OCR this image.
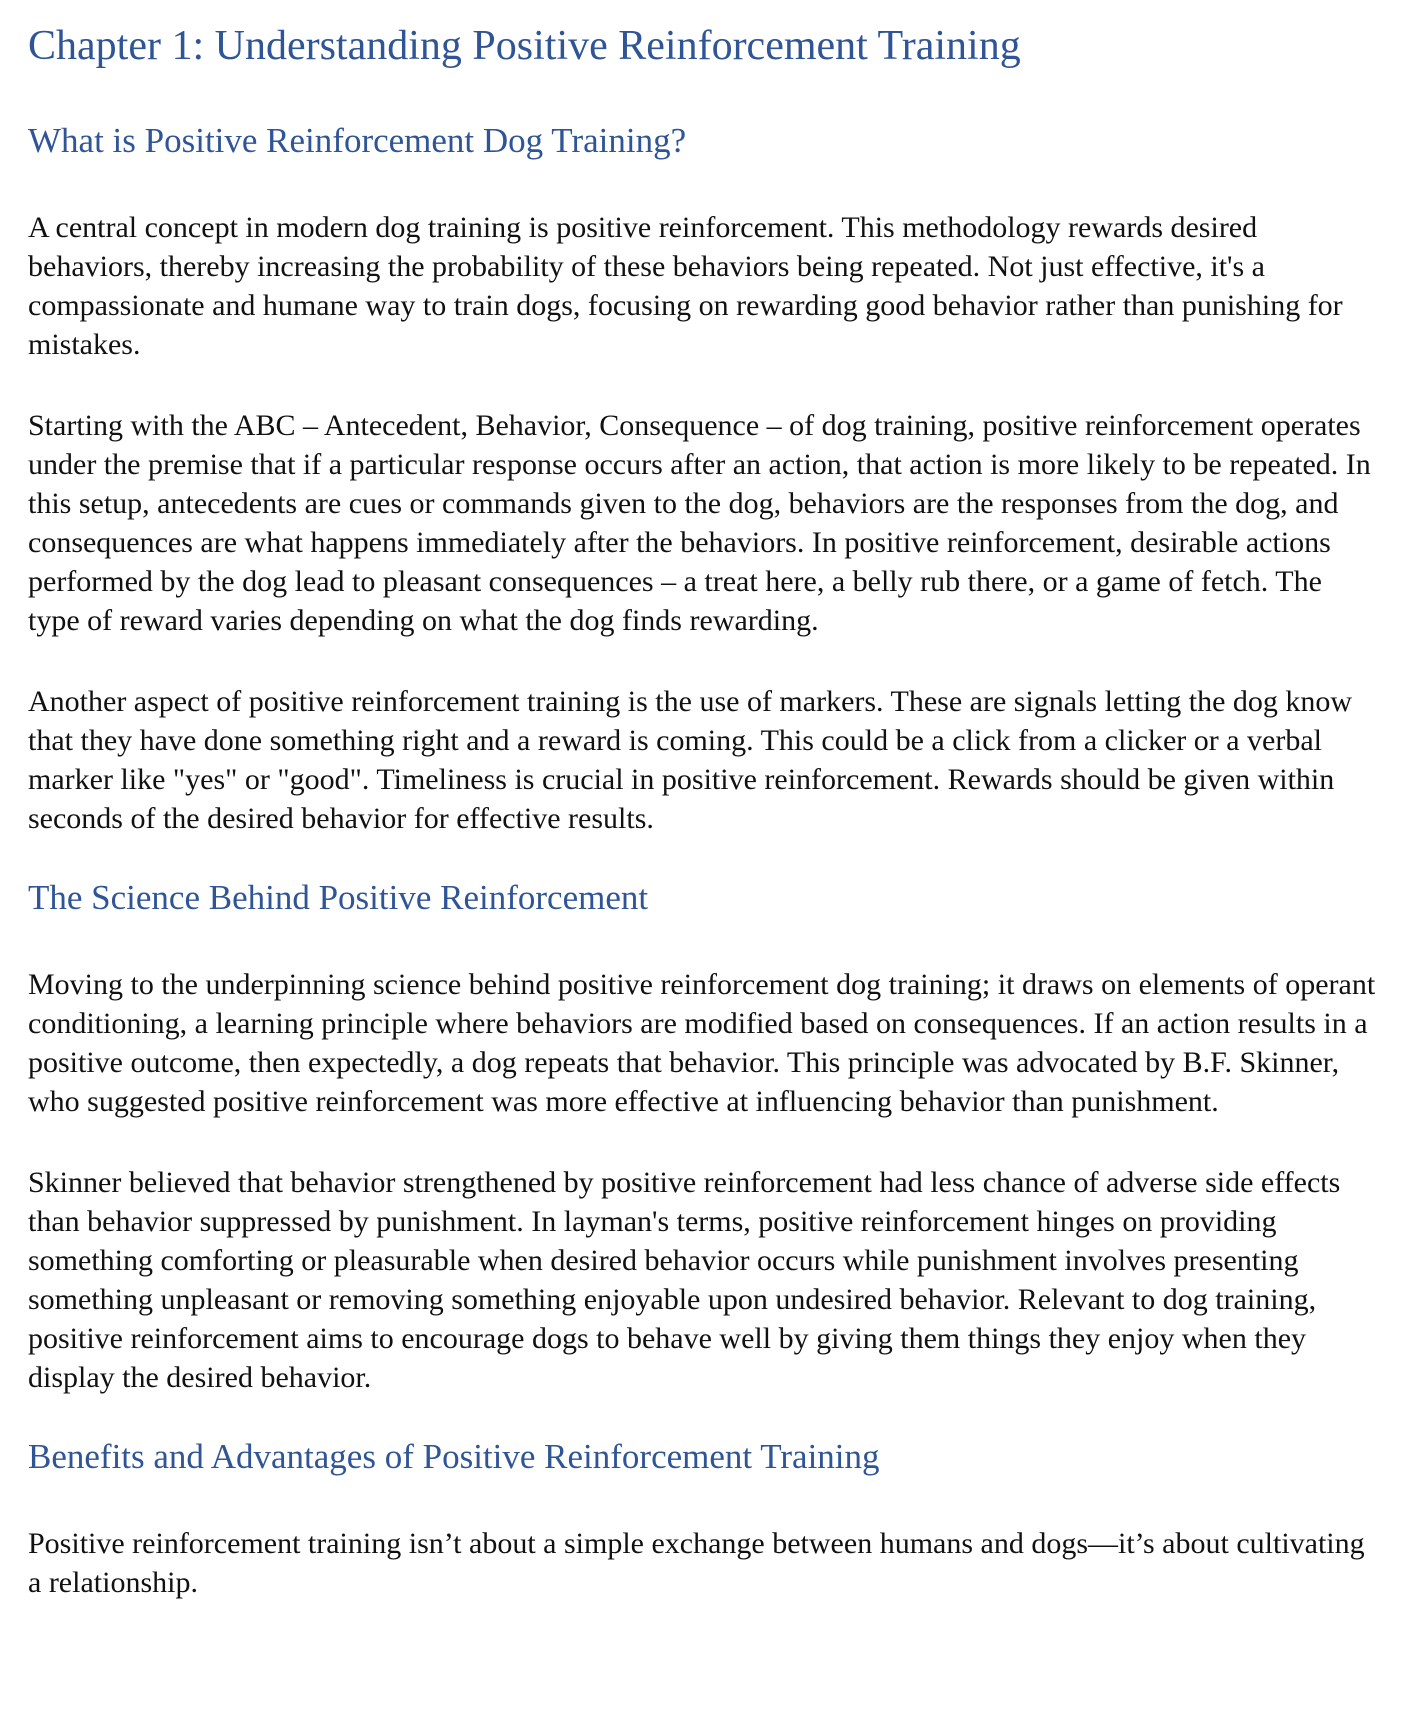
Chapter 1: Understanding Positive Reinforcement Training
What is Positive Reinforcement Dog Training?

A central concept in modern dog training is positive reinforcement. This methodology rewards desired behaviors, thereby increasing the probability of these behaviors being repeated. Not just effective, it's a compassionate and humane way to train dogs, focusing on rewarding good behavior rather than punishing for mistakes.

Starting with the ABC – Antecedent, Behavior, Consequence – of dog training, positive reinforcement operates under the premise that if a particular response occurs after an action, that action is more likely to be repeated. In this setup, antecedents are cues or commands given to the dog, behaviors are the responses from the dog, and consequences are what happens immediately after the behaviors. In positive reinforcement, desirable actions performed by the dog lead to pleasant consequences – a treat here, a belly rub there, or a game of fetch. The type of reward varies depending on what the dog finds rewarding.

Another aspect of positive reinforcement training is the use of markers. These are signals letting the dog know that they have done something right and a reward is coming. This could be a click from a clicker or a verbal marker like "yes" or "good". Timeliness is crucial in positive reinforcement. Rewards should be given within seconds of the desired behavior for effective results.

The Science Behind Positive Reinforcement

Moving to the underpinning science behind positive reinforcement dog training; it draws on elements of operant conditioning, a learning principle where behaviors are modified based on consequences. If an action results in a positive outcome, then expectedly, a dog repeats that behavior. This principle was advocated by B.F. Skinner, who suggested positive reinforcement was more effective at influencing behavior than punishment.

Skinner believed that behavior strengthened by positive reinforcement had less chance of adverse side effects than behavior suppressed by punishment. In layman's terms, positive reinforcement hinges on providing something comforting or pleasurable when desired behavior occurs while punishment involves presenting something unpleasant or removing something enjoyable upon undesired behavior. Relevant to dog training, positive reinforcement aims to encourage dogs to behave well by giving them things they enjoy when they display the desired behavior.

Benefits and Advantages of Positive Reinforcement Training

Positive reinforcement training isn’t about a simple exchange between humans and dogs—it’s about cultivating a relationship.
